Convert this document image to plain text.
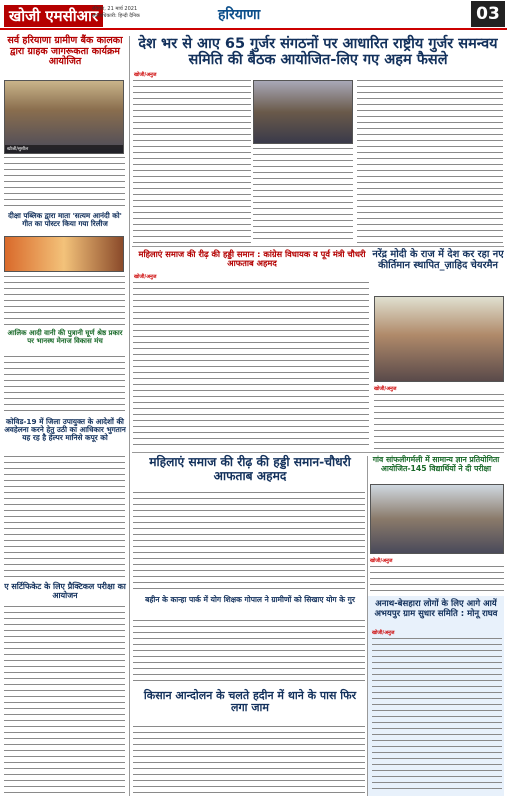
खोजी एमसीआर
रविवार, 21 मार्च 2021
स्वत्वाधिकारी: हिन्दी दैनिक	हरियाणा	03
देश भर से आए 65 गुर्जर संगठनों पर आधारित राष्ट्रीय गुर्जर समन्वय समिति की बैठक आयोजित-लिए गए अहम फैसले
सर्व हरियाणा ग्रामीण बैंक कालका द्वारा ग्राहक जागरूकता कार्यक्रम आयोजित
खोजी/सुशील
दीक्षा पब्लिक द्वारा माता 'सत्यम आनंदी को' गीत का पोस्टर किया गया रिलीज
आलिक आदी वानी की पुत्रानी घूर्ण श्रेष्ठ प्रकार पर भानस्थ मेनाज विकास मंच
कोविड-19 में जिला उपायुक्त के आदेशों की अवहेलना करने हेतु उठी का आधिकार भुगतान यह रह है हेल्पर मानिसे कपूर को
ए सर्टिफिकेट के लिए प्रैक्टिकल परीक्षा का आयोजन
खोजी/अनुज
महिलाएं समाज की रीढ़ की हड्डी समान : कांग्रेस विधायक व पूर्व मंत्री चौधरी आफताब अहमद
खोजी/अनुज
नरेंद्र मोदी के राज में देश कर रहा नए कीर्तिमान स्थापित_ज़ाहिद चेयरमैन
खोजी/अनुज
महिलाएं समाज की रीढ़ की हड्डी समान-चौधरी आफताब अहमद
गांव सांफलीगर्मली में सामान्य ज्ञान प्रतियोगिता आयोजित-145 विद्यार्थियों ने दी परीक्षा
खोजी/अनुज
बहीन के कान्हा पार्क में योग शिक्षक गोपाल ने ग्रामीणों को सिखाए योग के गुर
किसान आन्दोलन के चलते हदीन में थाने के पास फिर लगा जाम
अनाथ-बेसहारा लोगों के लिए आगे आयें अभयपुर ग्राम सुधार समिति : मोनू राघव
खोजी/अनुज
